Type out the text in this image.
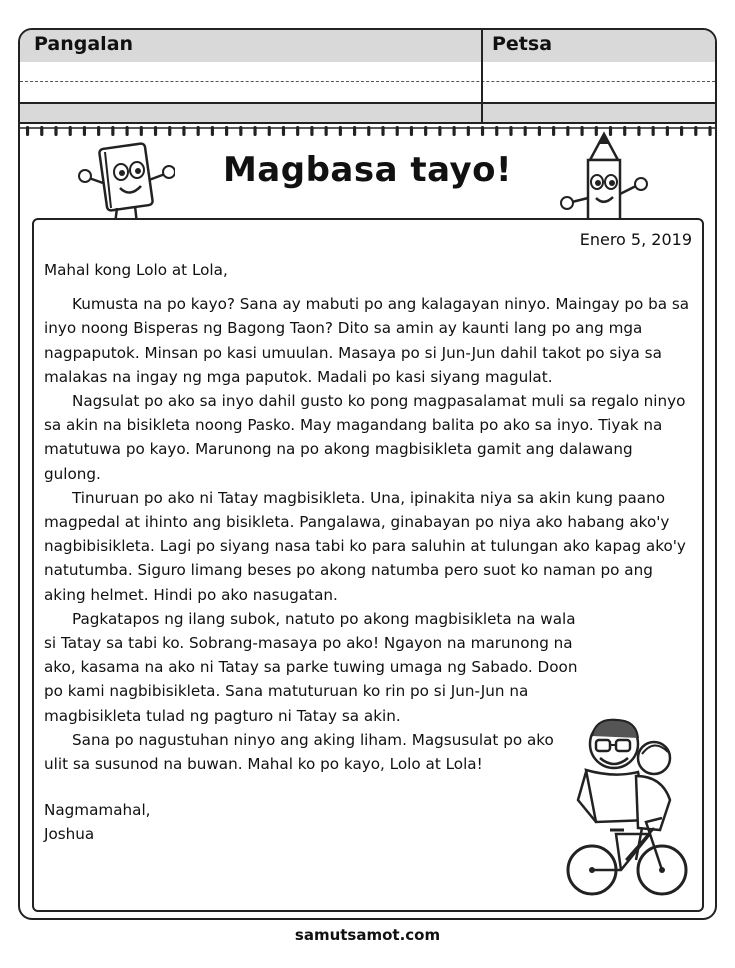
Pangalan	Petsa
Magbasa tayo!
Enero 5, 2019

Mahal kong Lolo at Lola,

Kumusta na po kayo? Sana ay mabuti po ang kalagayan ninyo. Maingay po ba sa inyo noong Bisperas ng Bagong Taon? Dito sa amin ay kaunti lang po ang mga nagpaputok. Minsan po kasi umuulan. Masaya po si Jun-Jun dahil takot po siya sa malakas na ingay ng mga paputok. Madali po kasi siyang magulat.

Nagsulat po ako sa inyo dahil gusto ko pong magpasalamat muli sa regalo ninyo sa akin na bisikleta noong Pasko. May magandang balita po ako sa inyo. Tiyak na matutuwa po kayo. Marunong na po akong magbisikleta gamit ang dalawang gulong.

Tinuruan po ako ni Tatay magbisikleta. Una, ipinakita niya sa akin kung paano magpedal at ihinto ang bisikleta. Pangalawa, ginabayan po niya ako habang ako'y nagbibisikleta. Lagi po siyang nasa tabi ko para saluhin at tulungan ako kapag ako'y natutumba. Siguro limang beses po akong natumba pero suot ko naman po ang aking helmet. Hindi po ako nasugatan.

Pagkatapos ng ilang subok, natuto po akong magbisikleta na wala si Tatay sa tabi ko. Sobrang-masaya po ako! Ngayon na marunong na ako, kasama na ako ni Tatay sa parke tuwing umaga ng Sabado. Doon po kami nagbibisikleta. Sana matuturuan ko rin po si Jun-Jun na magbisikleta tulad ng pagturo ni Tatay sa akin.

Sana po nagustuhan ninyo ang aking liham. Magsusulat po ako ulit sa susunod na buwan. Mahal ko po kayo, Lolo at Lola!

Nagmamahal,

Joshua

samutsamot.com
